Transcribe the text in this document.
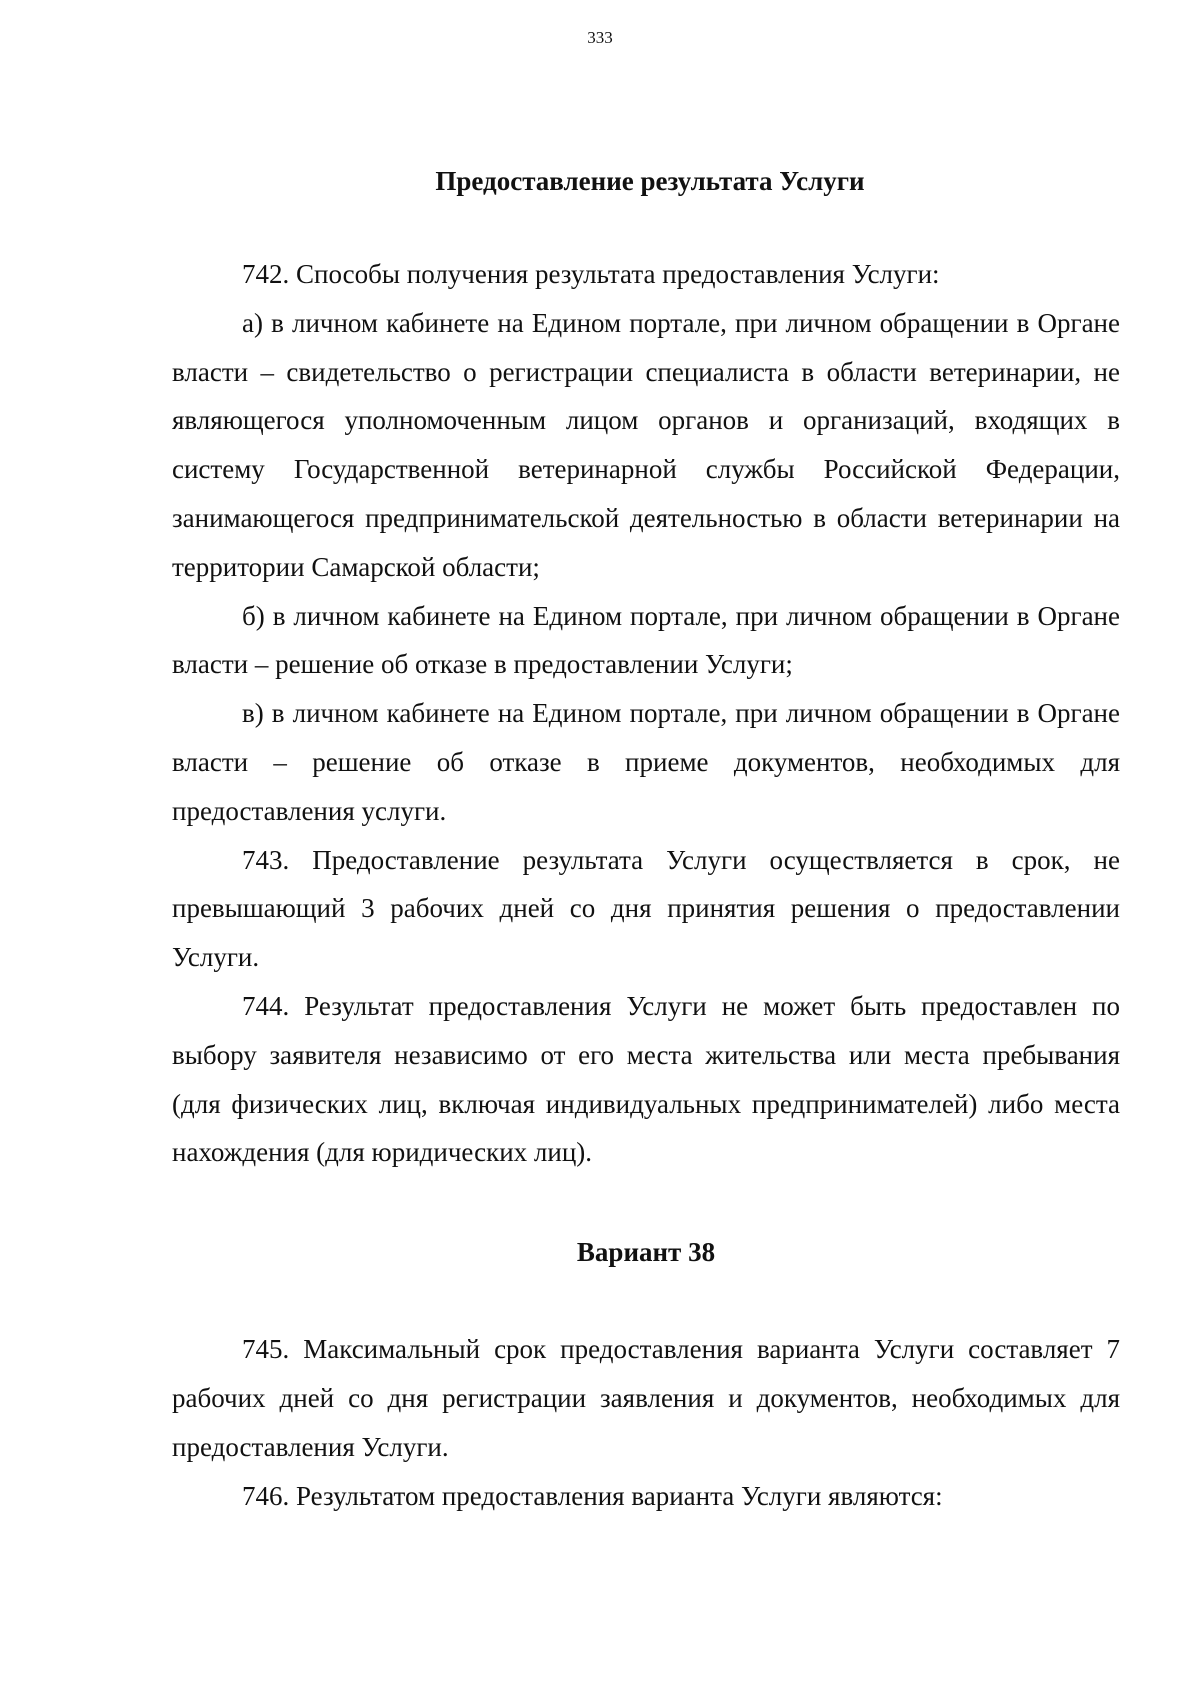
333
Предоставление результата Услуги

742. Способы получения результата предоставления Услуги:

а) в личном кабинете на Едином портале, при личном обращении в Органе власти – свидетельство о регистрации специалиста в области ветеринарии, не являющегося уполномоченным лицом органов и организаций, входящих в систему Государственной ветеринарной службы Российской Федерации, занимающегося предпринимательской деятельностью в области ветеринарии на территории Самарской области;

б) в личном кабинете на Едином портале, при личном обращении в Органе власти – решение об отказе в предоставлении Услуги;

в) в личном кабинете на Едином портале, при личном обращении в Органе власти – решение об отказе в приеме документов, необходимых для предоставления услуги.

743. Предоставление результата Услуги осуществляется в срок, не превышающий 3 рабочих дней со дня принятия решения о предоставлении Услуги.

744. Результат предоставления Услуги не может быть предоставлен по выбору заявителя независимо от его места жительства или места пребывания (для физических лиц, включая индивидуальных предпринимателей) либо места нахождения (для юридических лиц).

Вариант 38

745. Максимальный срок предоставления варианта Услуги составляет 7 рабочих дней со дня регистрации заявления и документов, необходимых для предоставления Услуги.

746. Результатом предоставления варианта Услуги являются:
